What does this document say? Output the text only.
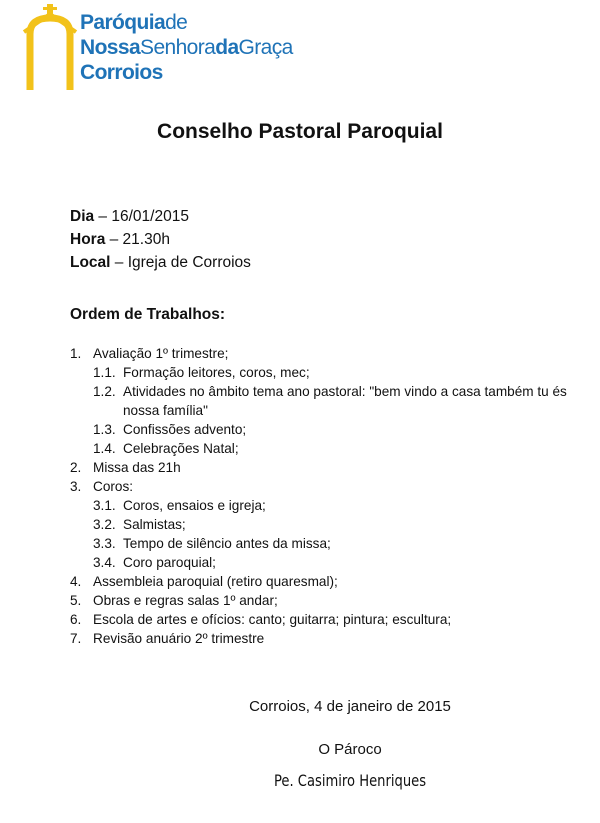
Paróquiade
NossaSenhoradaGraça
Corroios
Conselho Pastoral Paroquial
Dia – 16/01/2015
Hora – 21.30h
Local – Igreja de Corroios
Ordem de Trabalhos:
1. Avaliação 1º trimestre;
1.1. Formação leitores, coros, mec;
1.2. Atividades no âmbito tema ano pastoral: "bem vindo a casa também tu és nossa família"
1.3. Confissões advento;
1.4. Celebrações Natal;
2. Missa das 21h
3. Coros:
3.1. Coros, ensaios e igreja;
3.2. Salmistas;
3.3. Tempo de silêncio antes da missa;
3.4. Coro paroquial;
4. Assembleia paroquial (retiro quaresmal);
5. Obras e regras salas 1º andar;
6. Escola de artes e ofícios: canto; guitarra; pintura; escultura;
7. Revisão anuário 2º trimestre
Corroios, 4 de janeiro de 2015
O Pároco
Pe. Casimiro Henriques
